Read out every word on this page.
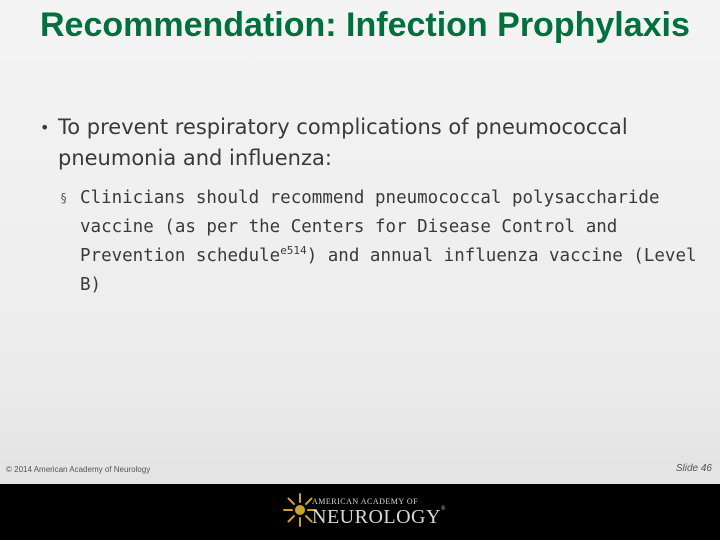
Recommendation: Infection Prophylaxis
• To prevent respiratory complications of pneumococcal pneumonia and influenza:
§ Clinicians should recommend pneumococcal polysaccharide vaccine (as per the Centers for Disease Control and Prevention schedule$^{e514}$) and annual influenza vaccine (Level B)
© 2014 American Academy of Neurology	Slide 46
AMERICAN ACADEMY OF
NEUROLOGY®
